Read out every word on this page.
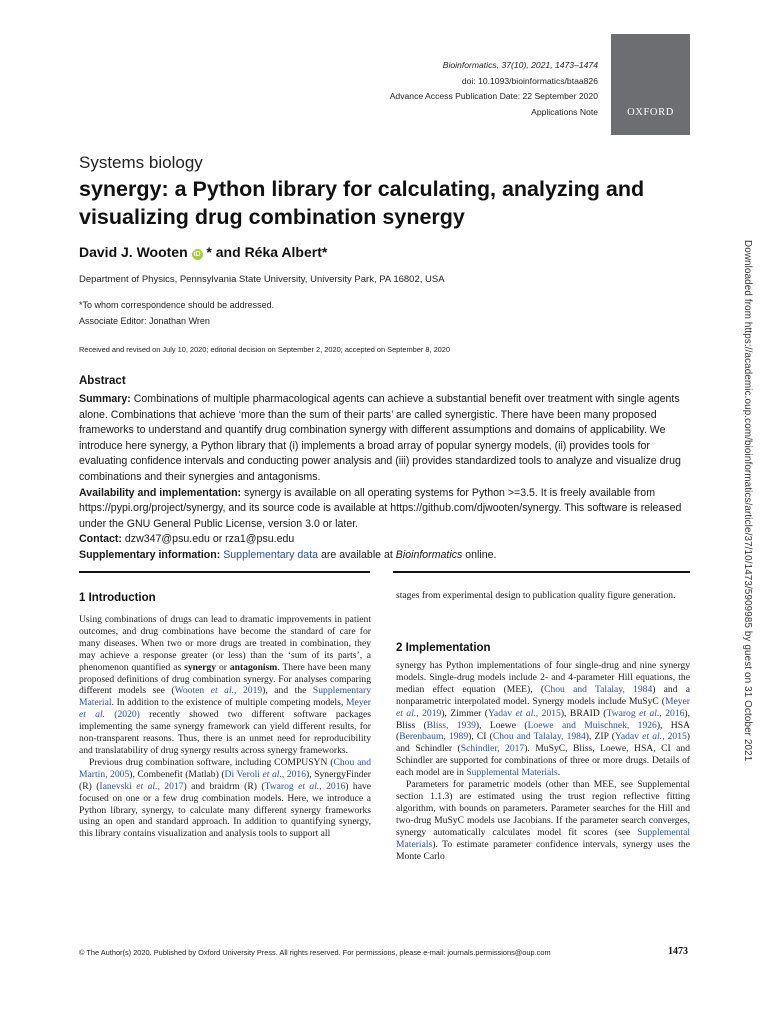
Bioinformatics, 37(10), 2021, 1473–1474
doi: 10.1093/bioinformatics/btaa826
Advance Access Publication Date: 22 September 2020
Applications Note	OXFORD
Systems biology
synergy: a Python library for calculating, analyzing and visualizing drug combination synergy
David J. Wooten iD * and Réka Albert*
Department of Physics, Pennsylvania State University, University Park, PA 16802, USA
*To whom correspondence should be addressed.
Associate Editor: Jonathan Wren
Received and revised on July 10, 2020; editorial decision on September 2, 2020; accepted on September 8, 2020
Abstract

Summary: Combinations of multiple pharmacological agents can achieve a substantial benefit over treatment with single agents alone. Combinations that achieve ‘more than the sum of their parts’ are called synergistic. There have been many proposed frameworks to understand and quantify drug combination synergy with different assumptions and domains of applicability. We introduce here synergy, a Python library that (i) implements a broad array of popular synergy models, (ii) provides tools for evaluating confidence intervals and conducting power analysis and (iii) provides standardized tools to analyze and visualize drug combinations and their synergies and antagonisms.

Availability and implementation: synergy is available on all operating systems for Python >=3.5. It is freely available from https://pypi.org/project/synergy, and its source code is available at https://github.com/djwooten/synergy. This software is released under the GNU General Public License, version 3.0 or later.

Contact: dzw347@psu.edu or rza1@psu.edu

Supplementary information: Supplementary data are available at Bioinformatics online.

1 Introduction

Using combinations of drugs can lead to dramatic improvements in patient outcomes, and drug combinations have become the standard of care for many diseases. When two or more drugs are treated in combination, they may achieve a response greater (or less) than the ‘sum of its parts’, a phenomenon quantified as synergy or antagonism. There have been many proposed definitions of drug combination synergy. For analyses comparing different models see (Wooten et al., 2019), and the Supplementary Material. In addition to the existence of multiple competing models, Meyer et al. (2020) recently showed two different software packages implementing the same synergy framework can yield different results, for non-transparent reasons. Thus, there is an unmet need for reproducibility and translatability of drug synergy results across synergy frameworks.

Previous drug combination software, including COMPUSYN (Chou and Martin, 2005), Combenefit (Matlab) (Di Veroli et al., 2016), SynergyFinder (R) (Ianevski et al., 2017) and braidrm (R) (Twarog et al., 2016) have focused on one or a few drug combination models. Here, we introduce a Python library, synergy, to calculate many different synergy frameworks using an open and standard approach. In addition to quantifying synergy, this library contains visualization and analysis tools to support all

stages from experimental design to publication quality figure generation.

2 Implementation

synergy has Python implementations of four single-drug and nine synergy models. Single-drug models include 2- and 4-parameter Hill equations, the median effect equation (MEE), (Chou and Talalay, 1984) and a nonparametric interpolated model. Synergy models include MuSyC (Meyer et al., 2019), Zimmer (Yadav et al., 2015), BRAID (Twarog et al., 2016), Bliss (Bliss, 1939), Loewe (Loewe and Muischnek, 1926), HSA (Berenbaum, 1989), CI (Chou and Talalay, 1984), ZIP (Yadav et al., 2015) and Schindler (Schindler, 2017). MuSyC, Bliss, Loewe, HSA, CI and Schindler are supported for combinations of three or more drugs. Details of each model are in Supplemental Materials.

Parameters for parametric models (other than MEE, see Supplemental section 1.1.3) are estimated using the trust region reflective fitting algorithm, with bounds on parameters. Parameter searches for the Hill and two-drug MuSyC models use Jacobians. If the parameter search converges, synergy automatically calculates model fit scores (see Supplemental Materials). To estimate parameter confidence intervals, synergy uses the Monte Carlo

© The Author(s) 2020. Published by Oxford University Press. All rights reserved. For permissions, please e-mail: journals.permissions@oup.com	1473
Downloaded from https://academic.oup.com/bioinformatics/article/37/10/1473/5909985 by guest on 31 October 2021
